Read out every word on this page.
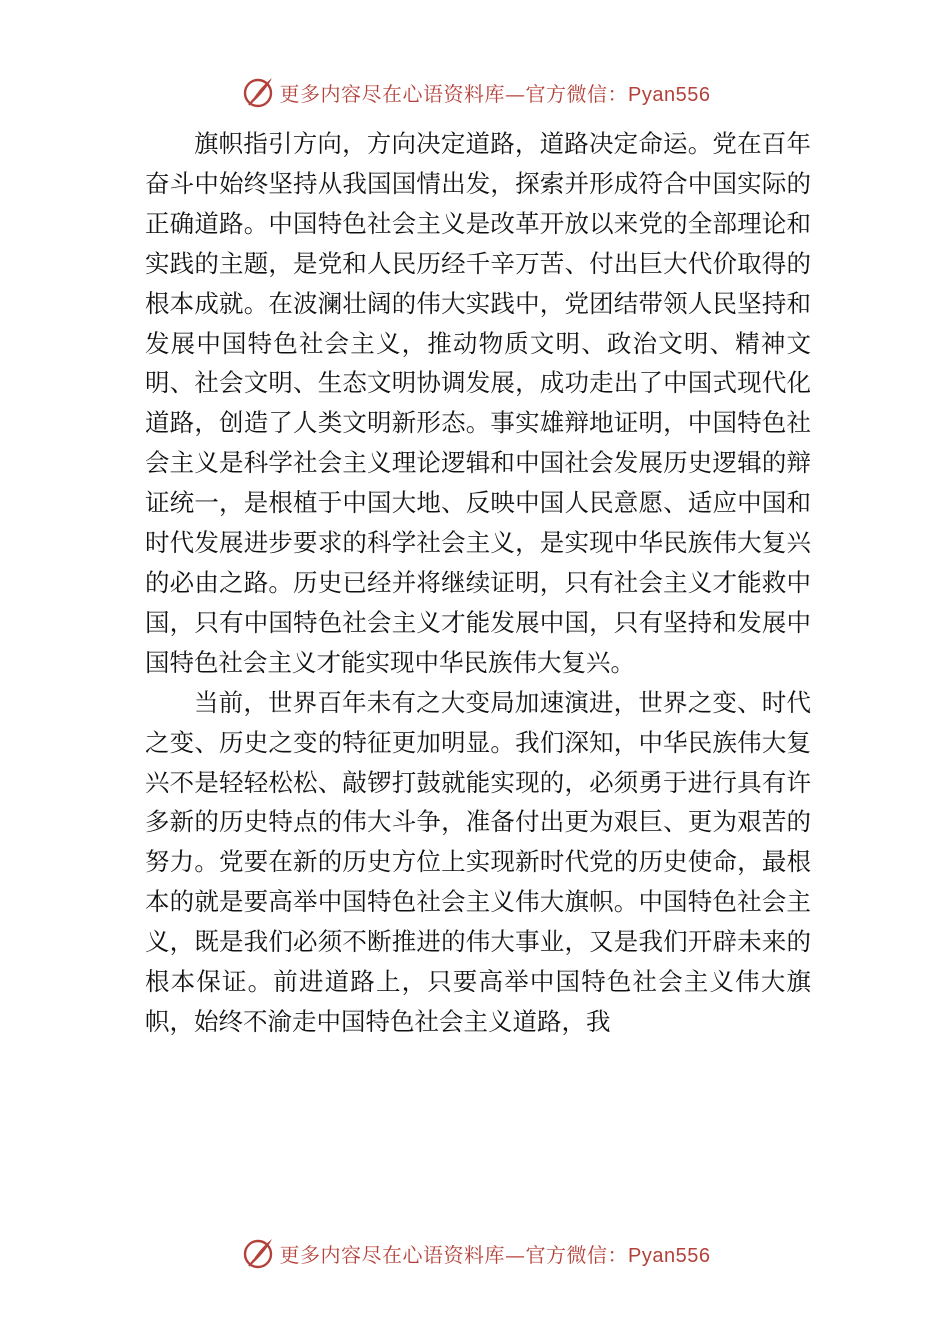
更多内容尽在心语资料库—官方微信：Pyan556

旗帜指引方向，方向决定道路，道路决定命运。党在百年奋斗中始终坚持从我国国情出发，探索并形成符合中国实际的正确道路。中国特色社会主义是改革开放以来党的全部理论和实践的主题，是党和人民历经千辛万苦、付出巨大代价取得的根本成就。在波澜壮阔的伟大实践中，党团结带领人民坚持和发展中国特色社会主义，推动物质文明、政治文明、精神文明、社会文明、生态文明协调发展，成功走出了中国式现代化道路，创造了人类文明新形态。事实雄辩地证明，中国特色社会主义是科学社会主义理论逻辑和中国社会发展历史逻辑的辩证统一，是根植于中国大地、反映中国人民意愿、适应中国和时代发展进步要求的科学社会主义，是实现中华民族伟大复兴的必由之路。历史已经并将继续证明，只有社会主义才能救中国，只有中国特色社会主义才能发展中国，只有坚持和发展中国特色社会主义才能实现中华民族伟大复兴。

当前，世界百年未有之大变局加速演进，世界之变、时代之变、历史之变的特征更加明显。我们深知，中华民族伟大复兴不是轻轻松松、敲锣打鼓就能实现的，必须勇于进行具有许多新的历史特点的伟大斗争，准备付出更为艰巨、更为艰苦的努力。党要在新的历史方位上实现新时代党的历史使命，最根本的就是要高举中国特色社会主义伟大旗帜。中国特色社会主义，既是我们必须不断推进的伟大事业，又是我们开辟未来的根本保证。前进道路上，只要高举中国特色社会主义伟大旗帜，始终不渝走中国特色社会主义道路，我

更多内容尽在心语资料库—官方微信：Pyan556
